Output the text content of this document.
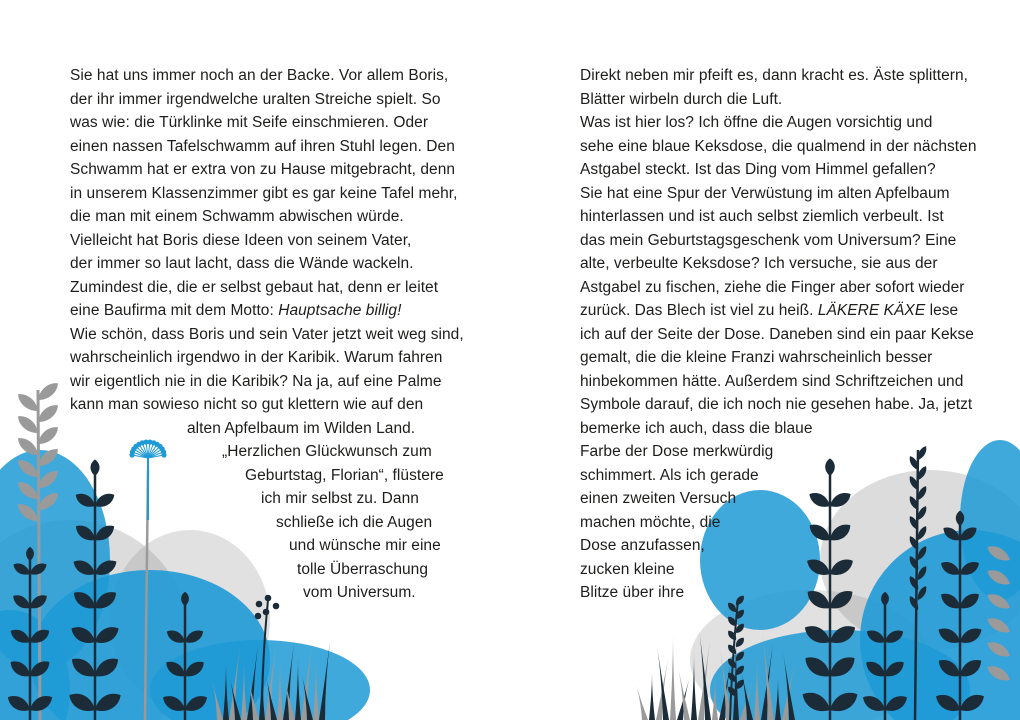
Sie hat uns immer noch an der Backe. Vor allem Boris,
der ihr immer irgendwelche uralten Streiche spielt. So
was wie: die Türklinke mit Seife einschmieren. Oder
einen nassen Tafelschwamm auf ihren Stuhl legen. Den
Schwamm hat er extra von zu Hause mitgebracht, denn
in unserem Klassenzimmer gibt es gar keine Tafel mehr,
die man mit einem Schwamm abwischen würde.
Vielleicht hat Boris diese Ideen von seinem Vater,
der immer so laut lacht, dass die Wände wackeln.
Zumindest die, die er selbst gebaut hat, denn er leitet
eine Baufirma mit dem Motto: Hauptsache billig!
Wie schön, dass Boris und sein Vater jetzt weit weg sind,
wahrscheinlich irgendwo in der Karibik. Warum fahren
wir eigentlich nie in die Karibik? Na ja, auf eine Palme
kann man sowieso nicht so gut klettern wie auf den
alten Apfelbaum im Wilden Land.
„Herzlichen Glückwunsch zum
Geburtstag, Florian“, flüstere
ich mir selbst zu. Dann
schließe ich die Augen
und wünsche mir eine
tolle Überraschung
vom Universum.
Direkt neben mir pfeift es, dann kracht es. Äste splittern,
Blätter wirbeln durch die Luft.
Was ist hier los? Ich öffne die Augen vorsichtig und
sehe eine blaue Keksdose, die qualmend in der nächsten
Astgabel steckt. Ist das Ding vom Himmel gefallen?
Sie hat eine Spur der Verwüstung im alten Apfelbaum
hinterlassen und ist auch selbst ziemlich verbeult. Ist
das mein Geburtstagsgeschenk vom Universum? Eine
alte, verbeulte Keksdose? Ich versuche, sie aus der
Astgabel zu fischen, ziehe die Finger aber sofort wieder
zurück. Das Blech ist viel zu heiß. LÄKERE KÄXE lese
ich auf der Seite der Dose. Daneben sind ein paar Kekse
gemalt, die die kleine Franzi wahrscheinlich besser
hinbekommen hätte. Außerdem sind Schriftzeichen und
Symbole darauf, die ich noch nie gesehen habe. Ja, jetzt
bemerke ich auch, dass die blaue
Farbe der Dose merkwürdig
schimmert. Als ich gerade
einen zweiten Versuch
machen möchte, die
Dose anzufassen,
zucken kleine
Blitze über ihre
